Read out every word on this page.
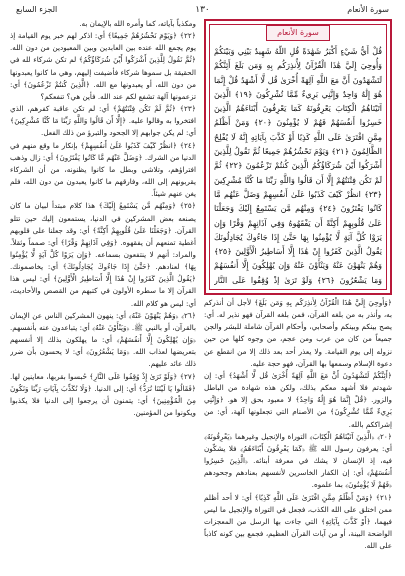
الجزء السابع	١٣٠	سورة الأنعام
سورة الأنعام
قُلْ أَيُّ شَيْءٍ أَكْبَرُ شَهَٰدَةً قُلِ اللَّهُ شَهِيدٌ بَيْنِي وَبَيْنَكُمْ وَأُوحِيَ إِلَيَّ هَٰذَا الْقُرْآنُ لِأُنذِرَكُم بِهِ وَمَن بَلَغَ أَئِنَّكُمْ لَتَشْهَدُونَ أَنَّ مَعَ اللَّهِ آلِهَةً أُخْرَىٰ قُل لَّا أَشْهَدُ قُلْ إِنَّمَا هُوَ إِلَٰهٌ وَاحِدٌ وَإِنَّنِي بَرِيءٌ مِّمَّا تُشْرِكُونَ ﴿١٩﴾ الَّذِينَ آتَيْنَاهُمُ الْكِتَابَ يَعْرِفُونَهُ كَمَا يَعْرِفُونَ أَبْنَاءَهُمُ الَّذِينَ خَسِرُوا أَنفُسَهُمْ فَهُمْ لَا يُؤْمِنُونَ ﴿٢٠﴾ وَمَنْ أَظْلَمُ مِمَّنِ افْتَرَىٰ عَلَى اللَّهِ كَذِبًا أَوْ كَذَّبَ بِآيَاتِهِ إِنَّهُ لَا يُفْلِحُ الظَّالِمُونَ ﴿٢١﴾ وَيَوْمَ نَحْشُرُهُمْ جَمِيعًا ثُمَّ نَقُولُ لِلَّذِينَ أَشْرَكُوا أَيْنَ شُرَكَاؤُكُمُ الَّذِينَ كُنتُمْ تَزْعُمُونَ ﴿٢٢﴾ ثُمَّ لَمْ تَكُن فِتْنَتُهُمْ إِلَّا أَن قَالُوا وَاللَّهِ رَبِّنَا مَا كُنَّا مُشْرِكِينَ ﴿٢٣﴾ انظُرْ كَيْفَ كَذَبُوا عَلَىٰ أَنفُسِهِمْ وَضَلَّ عَنْهُم مَّا كَانُوا يَفْتَرُونَ ﴿٢٤﴾ وَمِنْهُم مَّن يَسْتَمِعُ إِلَيْكَ وَجَعَلْنَا عَلَىٰ قُلُوبِهِمْ أَكِنَّةً أَن يَفْقَهُوهُ وَفِي آذَانِهِمْ وَقْرًا وَإِن يَرَوْا كُلَّ آيَةٍ لَّا يُؤْمِنُوا بِهَا حَتَّىٰ إِذَا جَاءُوكَ يُجَادِلُونَكَ يَقُولُ الَّذِينَ كَفَرُوا إِنْ هَٰذَا إِلَّا أَسَاطِيرُ الْأَوَّلِينَ ﴿٢٥﴾ وَهُمْ يَنْهَوْنَ عَنْهُ وَيَنْأَوْنَ عَنْهُ وَإِن يُهْلِكُونَ إِلَّا أَنفُسَهُمْ وَمَا يَشْعُرُونَ ﴿٢٦﴾ وَلَوْ تَرَىٰ إِذْ وُقِفُوا عَلَى النَّارِ

﴿وَأُوحِيَ إِلَيَّ هَٰذَا الْقُرْآنُ لِأُنذِرَكُم بِهِ وَمَن بَلَغَ﴾ لأجل أن أنذركم به، وأنذر به من بلغه القرآن، فمن بلغه القرآن فهو نذير له. أي: يصح بينكم وبينكم وأصحابي، وأحكام القرآن شاملة للبشر والجن جميعاً من كان من عرب ومن عجم، من وجوه كلها من حين نزوله إلى يوم القيامة. ولا يعذر أحد بعد ذلك إلا من انقطع عن دعوة الإسلام وسمعها بها القرآن، فهو حجة عليه.

﴿أَئِنَّكُمْ لَتَشْهَدُونَ أَنَّ مَعَ اللَّهِ آلِهَةً أُخْرَىٰ قُل لَّا أَشْهَدُ﴾ أي: إن شهدتم فلا أشهد معكم بذلك، ولكن هذه شهادة من الباطل والزور. ﴿قُلْ إِنَّمَا هُوَ إِلَٰهٌ وَاحِدٌ﴾ لا معبود بحق إلا هو. ﴿وَإِنَّنِي بَرِيءٌ مِّمَّا تُشْرِكُونَ﴾ من الأصنام التي تجعلونها آلهة، أي: من إشراككم بالله.

﴿٢٠﴾ ﴿الَّذِينَ آتَيْنَاهُمُ الْكِتَابَ﴾ التوراة والإنجيل وغيرهما ﴿يَعْرِفُونَهُ﴾ أي: يعرفون رسول الله ﷺ ﴿كَمَا يَعْرِفُونَ أَبْنَاءَهُمُ﴾ فلا يشكّون فيه، إذ الإنسان لا يشك في معرفة أبنائه. ﴿الَّذِينَ خَسِرُوا أَنفُسَهُمْ﴾ أي: إن الكفار الخاسرين لأنفسهم بعنادهم وجحودهم ﴿فَهُمْ لَا يُؤْمِنُونَ﴾ بما علموه.

﴿٢١﴾ ﴿وَمَنْ أَظْلَمُ مِمَّنِ افْتَرَىٰ عَلَى اللَّهِ كَذِبًا﴾ أي: لا أحد أظلم ممن اختلق على الله الكذب، فجعل في التوراة والإنجيل ما ليس فيهما، ﴿أَوْ كَذَّبَ بِآيَاتِهِ﴾ التي جاءت بها الرسل من المعجزات الواضحة البينة، أو من آيات القرآن العظيم، فجمع بين كونه كاذباً على الله.

ومكذباً بآياته، كما وأمره الله بالإيمان به.

﴿٢٢﴾ ﴿وَيَوْمَ نَحْشُرُهُمْ جَمِيعًا﴾ أي: اذكر لهم خبر يوم القيامة إذ يوم يجمع الله عنده بين العابدين وبين المعبودين من دون الله. ﴿ثُمَّ نَقُولُ لِلَّذِينَ أَشْرَكُوا أَيْنَ شُرَكَاؤُكُمُ﴾ لم تكن شركاء لله في الحقيقة بل سموها شركاء فأضيفت إليهم، وهي ما كانوا يعبدونها من دون الله، أو يعبدونها مع الله. ﴿الَّذِينَ كُنتُمْ تَزْعُمُونَ﴾ أي: تزعمونها آلهة تشفع لكم عند الله. فأين هي؟ تنفعكم؟

﴿٢٣﴾ ﴿ثُمَّ لَمْ تَكُن فِتْنَتُهُمْ﴾ أي: لم تكن عاقبة كفرهم، الذي افتخروا به وقالوا عليه. ﴿إِلَّا أَن قَالُوا وَاللَّهِ رَبِّنَا مَا كُنَّا مُشْرِكِينَ﴾ أي: لم يكن جوابهم إلا الجحود والتبرؤ من ذلك الفعل.

﴿٢٤﴾ ﴿انظُرْ كَيْفَ كَذَبُوا عَلَىٰ أَنفُسِهِمْ﴾ بإنكار ما وقع منهم في الدنيا من الشرك. ﴿وَضَلَّ عَنْهُم مَّا كَانُوا يَفْتَرُونَ﴾ أي: زال وذهب افتراؤهم، وتلاشى وبطل ما كانوا يظنونه، من أن الشركاء يقربونهم إلى الله، وفارقهم ما كانوا يعبدون من دون الله، فلم يغن عنهم شيئاً.

﴿٢٥﴾ ﴿وَمِنْهُم مَّن يَسْتَمِعُ إِلَيْكَ﴾ هذا كلام مبتدأ لبيان ما كان يصنعه بعض المشركين في الدنيا، يستمعون إليك حين تتلو القرآن. ﴿وَجَعَلْنَا عَلَىٰ قُلُوبِهِمْ أَكِنَّةً﴾ أي: وقد جعلنا على قلوبهم أغطية تمنعهم أن يفقهوه. ﴿وَفِي آذَانِهِمْ وَقْرًا﴾ أي: صمماً وثقلاً. والمراد: أنهم لا ينتفعون بسماعه. ﴿وَإِن يَرَوْا كُلَّ آيَةٍ لَّا يُؤْمِنُوا بِهَا﴾ لعنادهم. ﴿حَتَّىٰ إِذَا جَاءُوكَ يُجَادِلُونَكَ﴾ أي: يخاصمونك. ﴿يَقُولُ الَّذِينَ كَفَرُوا إِنْ هَٰذَا إِلَّا أَسَاطِيرُ الْأَوَّلِينَ﴾ أي: ليس هذا القرآن إلا ما سطره الأولون في كتبهم من القصص والأحاديث، أي: ليس هو كلام الله.

﴿٢٦﴾ ﴿وَهُمْ يَنْهَوْنَ عَنْهُ﴾ أي: ينهون المشركين الناس عن الإيمان بالقرآن، أو بالنبي ﷺ. ﴿وَيَنْأَوْنَ عَنْهُ﴾ أي: يتباعدون عنه بأنفسهم. ﴿وَإِن يُهْلِكُونَ إِلَّا أَنفُسَهُمْ﴾ أي: ما يهلكون بذلك إلا أنفسهم بتعريضها لعذاب الله. ﴿وَمَا يَشْعُرُونَ﴾ أي: لا يحسون بأن ضرر ذلك عائد عليهم.

﴿٢٧﴾ ﴿وَلَوْ تَرَىٰ إِذْ وُقِفُوا عَلَى النَّارِ﴾ حُبسوا بقربها، معاينين لها. ﴿فَقَالُوا يَا لَيْتَنَا نُرَدُّ﴾ أي: إلى الدنيا. ﴿وَلَا نُكَذِّبَ بِآيَاتِ رَبِّنَا وَنَكُونَ مِنَ الْمُؤْمِنِينَ﴾ أي: يتمنون أن يرجعوا إلى الدنيا فلا يكذبوا ويكونوا من المؤمنين.
